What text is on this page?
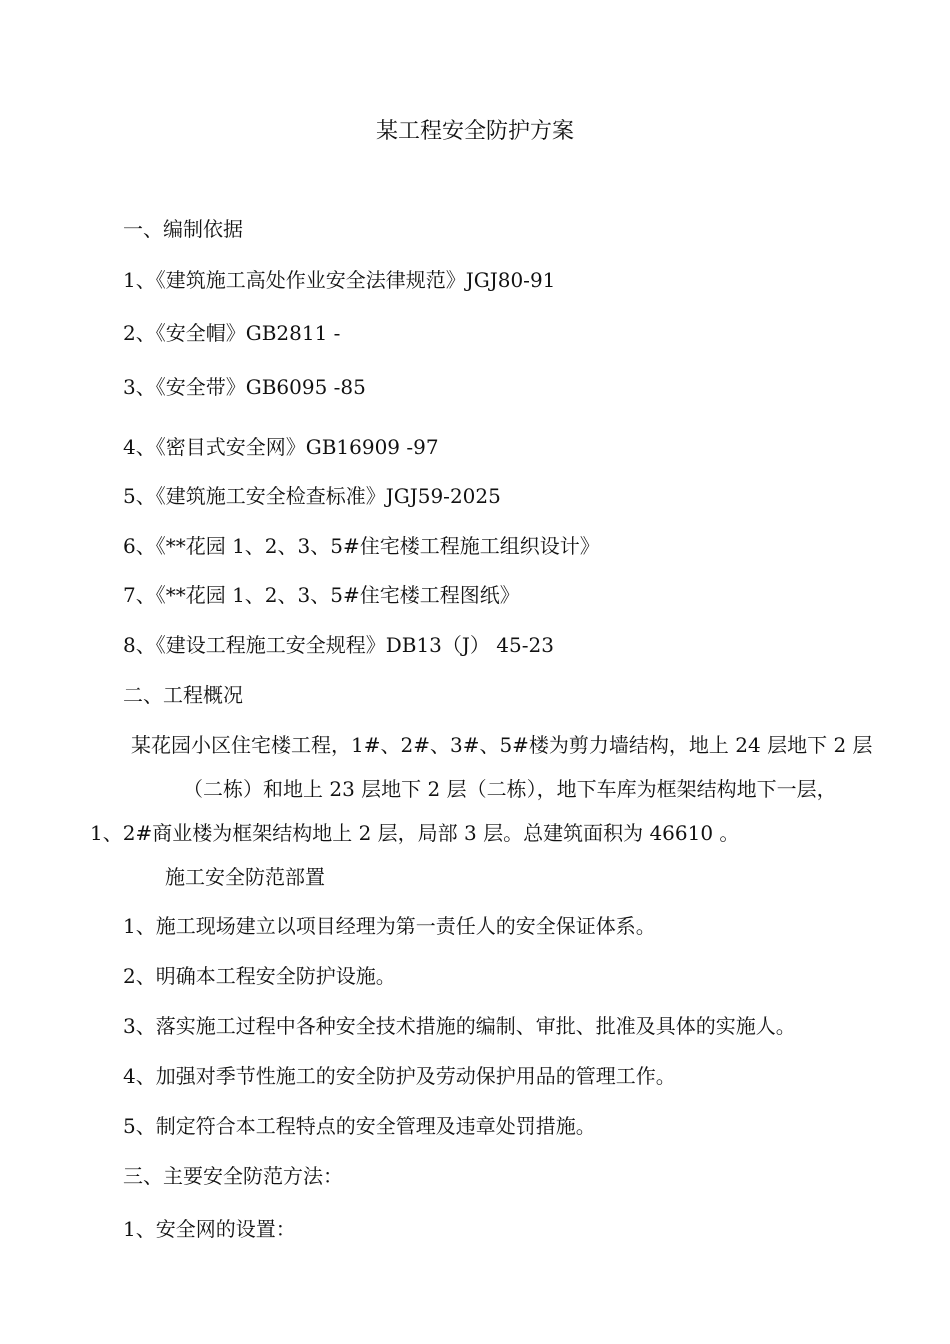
某工程安全防护方案
一、编制依据
1、《建筑施工高处作业安全法律规范》JGJ80-91
2、《安全帽》GB2811 -
3、《安全带》GB6095 -85
4、《密目式安全网》GB16909 -97
5、《建筑施工安全检查标准》JGJ59-2025
6、《**花园 1、2、3、5#住宅楼工程施工组织设计》
7、《**花园 1、2、3、5#住宅楼工程图纸》
8、《建设工程施工安全规程》DB13（J） 45-23
二、工程概况
某花园小区住宅楼工程，1#、2#、3#、5#楼为剪力墙结构，地上 24 层地下 2 层
（二栋）和地上 23 层地下 2 层（二栋），地下车库为框架结构地下一层，
1、2#商业楼为框架结构地上 2 层，局部 3 层。总建筑面积为 46610 。
施工安全防范部置
1、施工现场建立以项目经理为第一责任人的安全保证体系。
2、明确本工程安全防护设施。
3、落实施工过程中各种安全技术措施的编制、审批、批准及具体的实施人。
4、加强对季节性施工的安全防护及劳动保护用品的管理工作。
5、制定符合本工程特点的安全管理及违章处罚措施。
三、主要安全防范方法：
1、安全网的设置：
